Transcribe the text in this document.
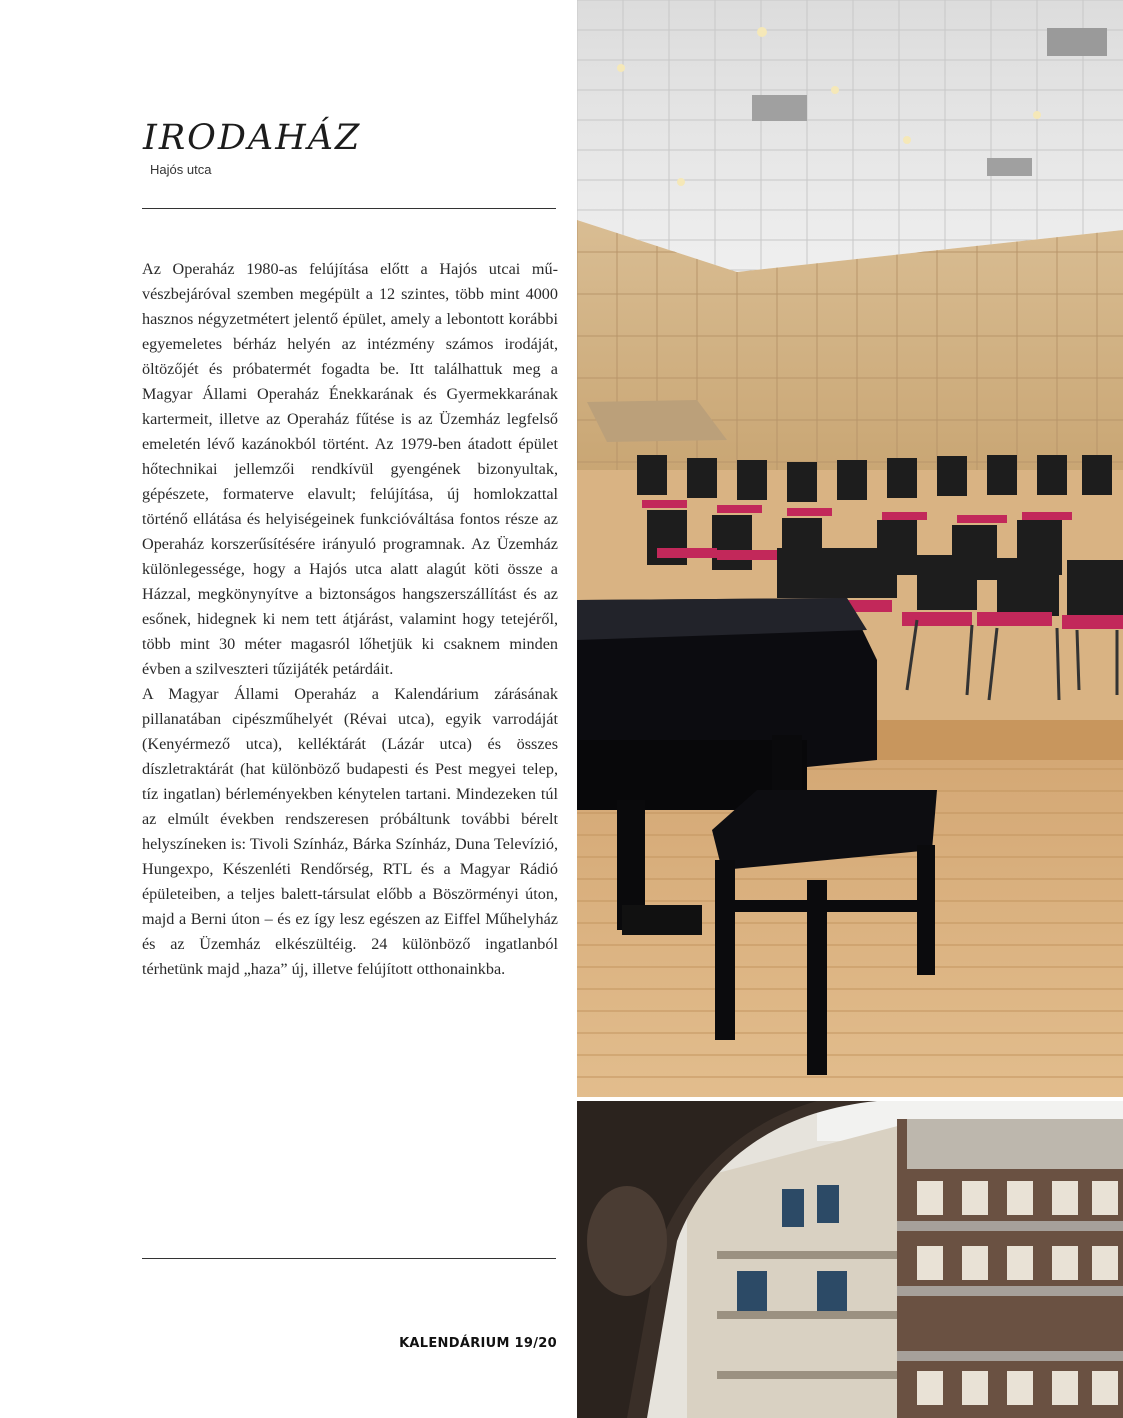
IRODAHÁZ
Hajós utca

Az Operaház 1980-as felújítása előtt a Hajós utcai művészbejáróval szemben megépült a 12 szintes, több mint 4000 hasznos négyzetmétert jelentő épület, amely a lebontott korábbi egyemeletes bérház helyén az intézmény számos irodáját, öltözőjét és próbatermét fogadta be. Itt találhattuk meg a Magyar Állami Operaház Énekkarának és Gyermekkarának kartermeit, illetve az Operaház fűtése is az Üzemház legfelső emeletén lévő kazánokból történt. Az 1979-ben átadott épület hőtechnikai jellemzői rendkívül gyengének bizonyultak, gépészete, formaterve elavult; felújítása, új homlokzattal történő ellátása és helyiségeinek funkcióváltása fontos része az Operaház korszerűsítésére irányuló programnak. Az Üzemház különlegessége, hogy a Hajós utca alatt alagút köti össze a Házzal, megkönynyítve a biztonságos hangszerszállítást és az esőnek, hidegnek ki nem tett átjárást, valamint hogy tetejéről, több mint 30 méter magasról lőhetjük ki csaknem minden évben a szilveszteri tűzijáték petárdáit.

A Magyar Állami Operaház a Kalendárium zárásának pillanatában cipészműhelyét (Révai utca), egyik varrodáját (Kenyérmező utca), kelléktárát (Lázár utca) és összes díszletraktárát (hat különböző budapesti és Pest megyei telep, tíz ingatlan) bérleményekben kénytelen tartani. Mindezeken túl az elmúlt években rendszeresen próbáltunk további bérelt helyszíneken is: Tivoli Színház, Bárka Színház, Duna Televízió, Hungexpo, Készenléti Rendőrség, RTL és a Magyar Rádió épületeiben, a teljes balett-társulat előbb a Böszörményi úton, majd a Berni úton – és ez így lesz egészen az Eiffel Műhelyház és az Üzemház elkészültéig. 24 különböző ingatlanból térhetünk majd „haza” új, illetve felújított otthonainkba.

KALENDÁRIUM 19/20
